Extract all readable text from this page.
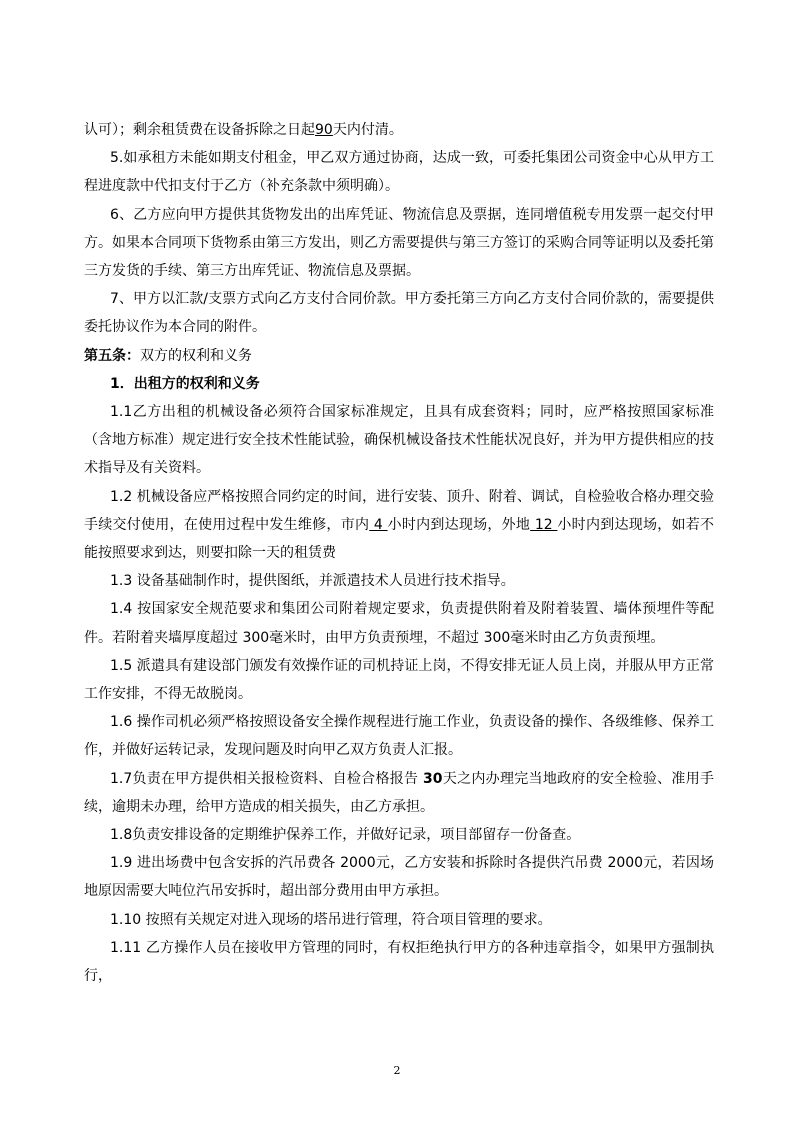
认可）；剩余租赁费在设备拆除之日起90天内付清。

5.如承租方未能如期支付租金，甲乙双方通过协商，达成一致，可委托集团公司资金中心从甲方工程进度款中代扣支付于乙方（补充条款中须明确）。

6、乙方应向甲方提供其货物发出的出库凭证、物流信息及票据，连同增值税专用发票一起交付甲方。如果本合同项下货物系由第三方发出，则乙方需要提供与第三方签订的采购合同等证明以及委托第三方发货的手续、第三方出库凭证、物流信息及票据。

7、甲方以汇款/支票方式向乙方支付合同价款。甲方委托第三方向乙方支付合同价款的，需要提供委托协议作为本合同的附件。

第五条：双方的权利和义务

1．出租方的权利和义务

1.1乙方出租的机械设备必须符合国家标准规定，且具有成套资料；同时，应严格按照国家标准（含地方标准）规定进行安全技术性能试验，确保机械设备技术性能状况良好，并为甲方提供相应的技术指导及有关资料。

1.2 机械设备应严格按照合同约定的时间，进行安装、顶升、附着、调试，自检验收合格办理交验手续交付使用，在使用过程中发生维修，市内 4 小时内到达现场，外地 12 小时内到达现场，如若不能按照要求到达，则要扣除一天的租赁费

1.3 设备基础制作时，提供图纸，并派遣技术人员进行技术指导。

1.4 按国家安全规范要求和集团公司附着规定要求，负责提供附着及附着装置、墙体预埋件等配件。若附着夹墙厚度超过 300毫米时，由甲方负责预埋，不超过 300毫米时由乙方负责预埋。

1.5 派遣具有建设部门颁发有效操作证的司机持证上岗，不得安排无证人员上岗，并服从甲方正常工作安排，不得无故脱岗。

1.6 操作司机必须严格按照设备安全操作规程进行施工作业，负责设备的操作、各级维修、保养工作，并做好运转记录，发现问题及时向甲乙双方负责人汇报。

1.7负责在甲方提供相关报检资料、自检合格报告 30天之内办理完当地政府的安全检验、准用手续，逾期未办理，给甲方造成的相关损失，由乙方承担。

1.8负责安排设备的定期维护保养工作，并做好记录，项目部留存一份备查。

1.9 进出场费中包含安拆的汽吊费各 2000元，乙方安装和拆除时各提供汽吊费 2000元，若因场地原因需要大吨位汽吊安拆时，超出部分费用由甲方承担。

1.10 按照有关规定对进入现场的塔吊进行管理，符合项目管理的要求。

1.11 乙方操作人员在接收甲方管理的同时，有权拒绝执行甲方的各种违章指令，如果甲方强制执行，

2
